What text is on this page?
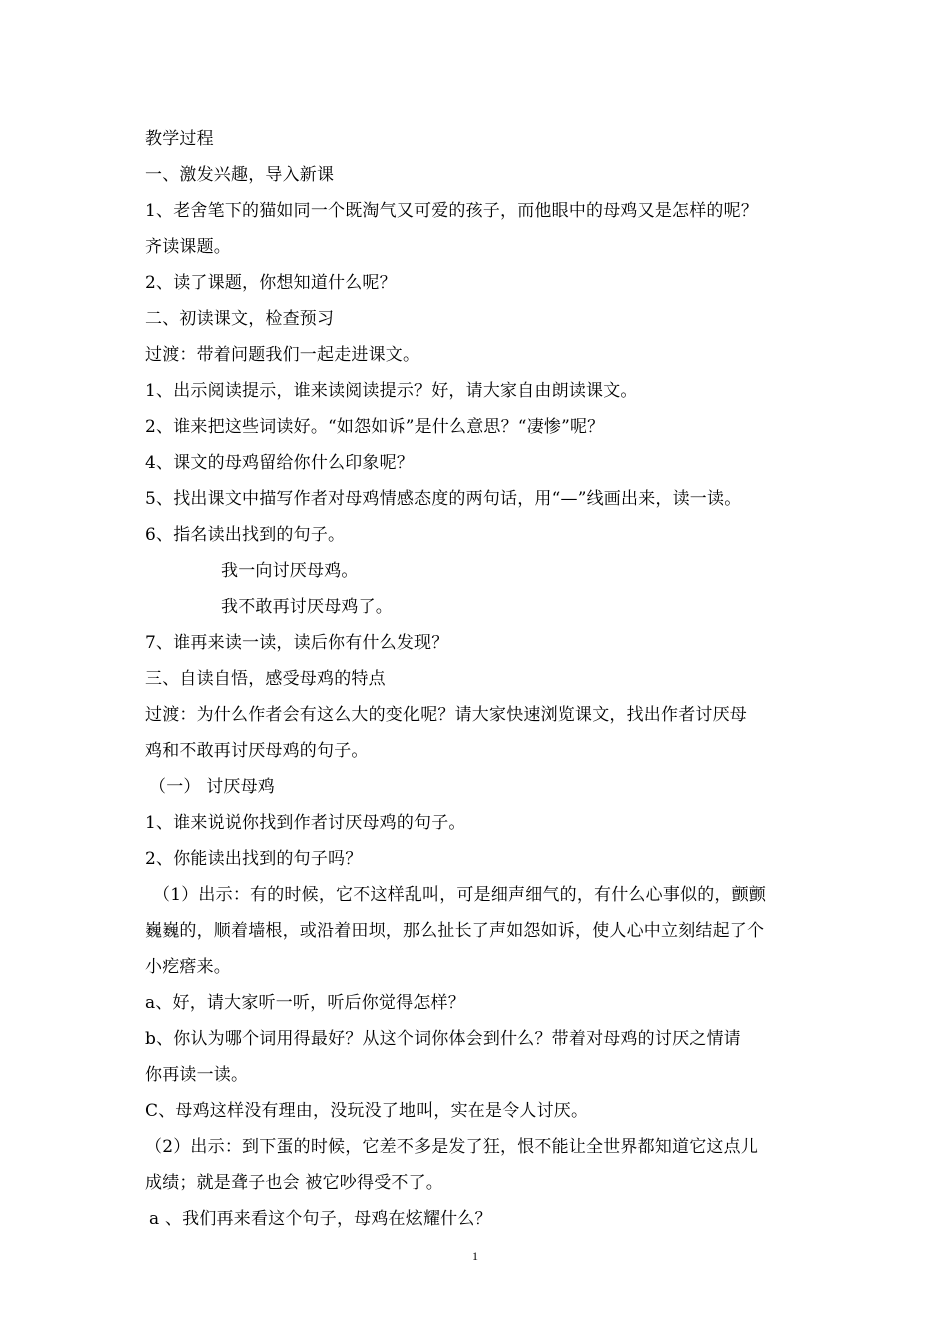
教学过程
一、激发兴趣，导入新课
1、老舍笔下的猫如同一个既淘气又可爱的孩子，而他眼中的母鸡又是怎样的呢？
齐读课题。
2、读了课题，你想知道什么呢？
二、初读课文，检查预习
过渡：带着问题我们一起走进课文。
1、出示阅读提示，谁来读阅读提示？好，请大家自由朗读课文。
2、谁来把这些词读好。“如怨如诉”是什么意思？“凄惨”呢？
4、课文的母鸡留给你什么印象呢？
5、找出课文中描写作者对母鸡情感态度的两句话，用“—”线画出来，读一读。
6、指名读出找到的句子。
我一向讨厌母鸡。
我不敢再讨厌母鸡了。
7、谁再来读一读，读后你有什么发现？
三、自读自悟，感受母鸡的特点
过渡：为什么作者会有这么大的变化呢？请大家快速浏览课文，找出作者讨厌母
鸡和不敢再讨厌母鸡的句子。
（一） 讨厌母鸡
1、谁来说说你找到作者讨厌母鸡的句子。
2、你能读出找到的句子吗？
（1）出示：有的时候，它不这样乱叫，可是细声细气的，有什么心事似的，颤颤
巍巍的，顺着墙根，或沿着田坝，那么扯长了声如怨如诉，使人心中立刻结起了个
小疙瘩来。
a、好，请大家听一听，听后你觉得怎样？
b、你认为哪个词用得最好？从这个词你体会到什么？带着对母鸡的讨厌之情请
你再读一读。
C、母鸡这样没有理由，没玩没了地叫，实在是令人讨厌。
（2）出示：到下蛋的时候，它差不多是发了狂，恨不能让全世界都知道它这点儿
成绩；就是聋子也会 被它吵得受不了。
a 、我们再来看这个句子，母鸡在炫耀什么？
1
